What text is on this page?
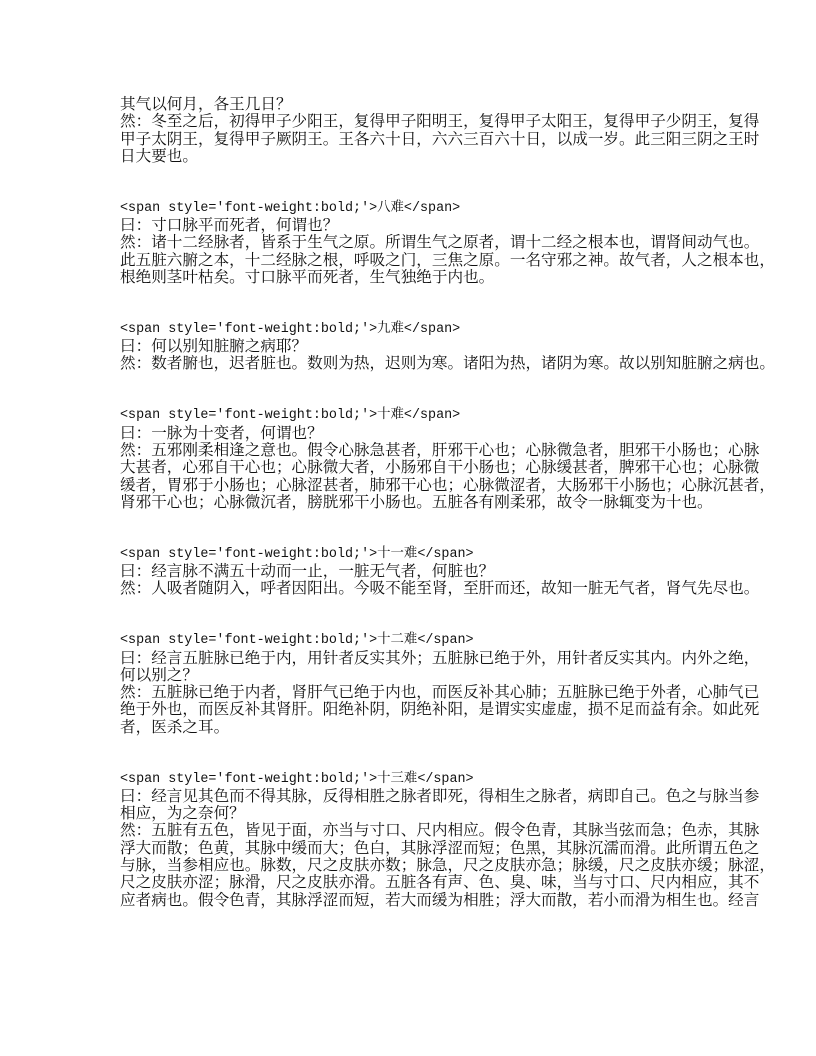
其气以何月，各王几日？
然：冬至之后，初得甲子少阳王，复得甲子阳明王，复得甲子太阳王，复得甲子少阴王，复得
甲子太阴王，复得甲子厥阴王。王各六十日，六六三百六十日，以成一岁。此三阳三阴之王时
日大要也。
<span style='font-weight:bold;'>八难</span>
曰：寸口脉平而死者，何谓也？
然：诸十二经脉者，皆系于生气之原。所谓生气之原者，谓十二经之根本也，谓肾间动气也。
此五脏六腑之本，十二经脉之根，呼吸之门，三焦之原。一名守邪之神。故气者，人之根本也，
根绝则茎叶枯矣。寸口脉平而死者，生气独绝于内也。
<span style='font-weight:bold;'>九难</span>
曰：何以别知脏腑之病耶？
然：数者腑也，迟者脏也。数则为热，迟则为寒。诸阳为热，诸阴为寒。故以别知脏腑之病也。
<span style='font-weight:bold;'>十难</span>
曰：一脉为十变者，何谓也？
然：五邪刚柔相逢之意也。假令心脉急甚者，肝邪干心也；心脉微急者，胆邪干小肠也；心脉
大甚者，心邪自干心也；心脉微大者，小肠邪自干小肠也；心脉缓甚者，脾邪干心也；心脉微
缓者，胃邪于小肠也；心脉涩甚者，肺邪干心也；心脉微涩者，大肠邪干小肠也；心脉沉甚者，
肾邪干心也；心脉微沉者，膀胱邪干小肠也。五脏各有刚柔邪，故令一脉辄变为十也。
<span style='font-weight:bold;'>十一难</span>
曰：经言脉不满五十动而一止，一脏无气者，何脏也？
然：人吸者随阴入，呼者因阳出。今吸不能至肾，至肝而还，故知一脏无气者，肾气先尽也。
<span style='font-weight:bold;'>十二难</span>
曰：经言五脏脉已绝于内，用针者反实其外；五脏脉已绝于外，用针者反实其内。内外之绝，
何以别之？
然：五脏脉已绝于内者，肾肝气已绝于内也，而医反补其心肺；五脏脉已绝于外者，心肺气已
绝于外也，而医反补其肾肝。阳绝补阴，阴绝补阳，是谓实实虚虚，损不足而益有余。如此死
者，医杀之耳。
<span style='font-weight:bold;'>十三难</span>
曰：经言见其色而不得其脉，反得相胜之脉者即死，得相生之脉者，病即自己。色之与脉当参
相应，为之奈何？
然：五脏有五色，皆见于面，亦当与寸口、尺内相应。假令色青，其脉当弦而急；色赤，其脉
浮大而散；色黄，其脉中缓而大；色白，其脉浮涩而短；色黑，其脉沉濡而滑。此所谓五色之
与脉，当参相应也。脉数，尺之皮肤亦数；脉急，尺之皮肤亦急；脉缓，尺之皮肤亦缓；脉涩，
尺之皮肤亦涩；脉滑，尺之皮肤亦滑。五脏各有声、色、臭、味，当与寸口、尺内相应，其不
应者病也。假令色青，其脉浮涩而短，若大而缓为相胜；浮大而散，若小而滑为相生也。经言
